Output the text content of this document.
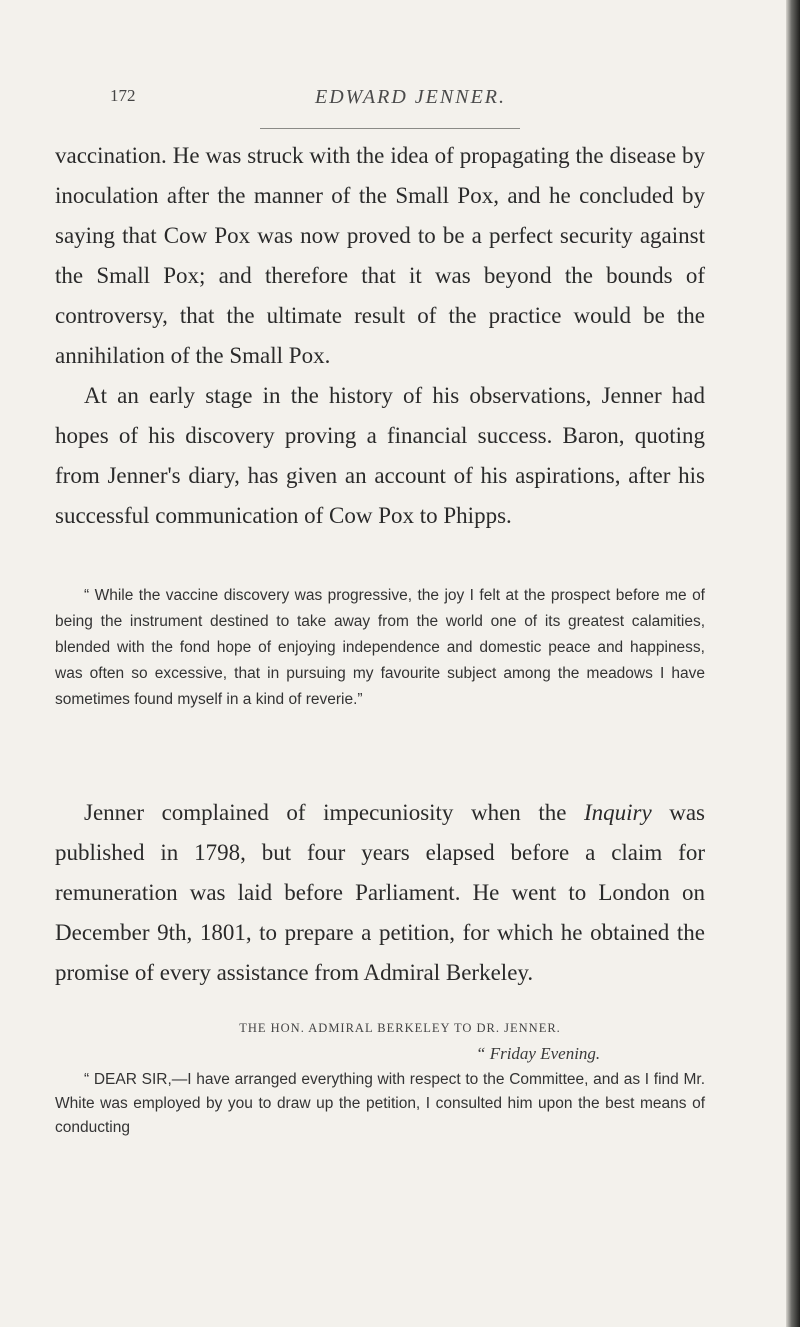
172	EDWARD JENNER.

vaccination. He was struck with the idea of propagating the disease by inoculation after the manner of the Small Pox, and he concluded by saying that Cow Pox was now proved to be a perfect security against the Small Pox; and therefore that it was beyond the bounds of controversy, that the ultimate result of the practice would be the annihilation of the Small Pox.

At an early stage in the history of his observations, Jenner had hopes of his discovery proving a financial success. Baron, quoting from Jenner's diary, has given an account of his aspirations, after his successful communication of Cow Pox to Phipps.

“ While the vaccine discovery was progressive, the joy I felt at the prospect before me of being the instrument destined to take away from the world one of its greatest calamities, blended with the fond hope of enjoying independence and domestic peace and happiness, was often so excessive, that in pursuing my favourite subject among the meadows I have sometimes found myself in a kind of reverie.”

Jenner complained of impecuniosity when the Inquiry was published in 1798, but four years elapsed before a claim for remuneration was laid before Parliament. He went to London on December 9th, 1801, to prepare a petition, for which he obtained the promise of every assistance from Admiral Berkeley.

THE HON. ADMIRAL BERKELEY TO DR. JENNER.

“ Friday Evening.

“ DEAR SIR,—I have arranged everything with respect to the Committee, and as I find Mr. White was employed by you to draw up the petition, I consulted him upon the best means of conducting
